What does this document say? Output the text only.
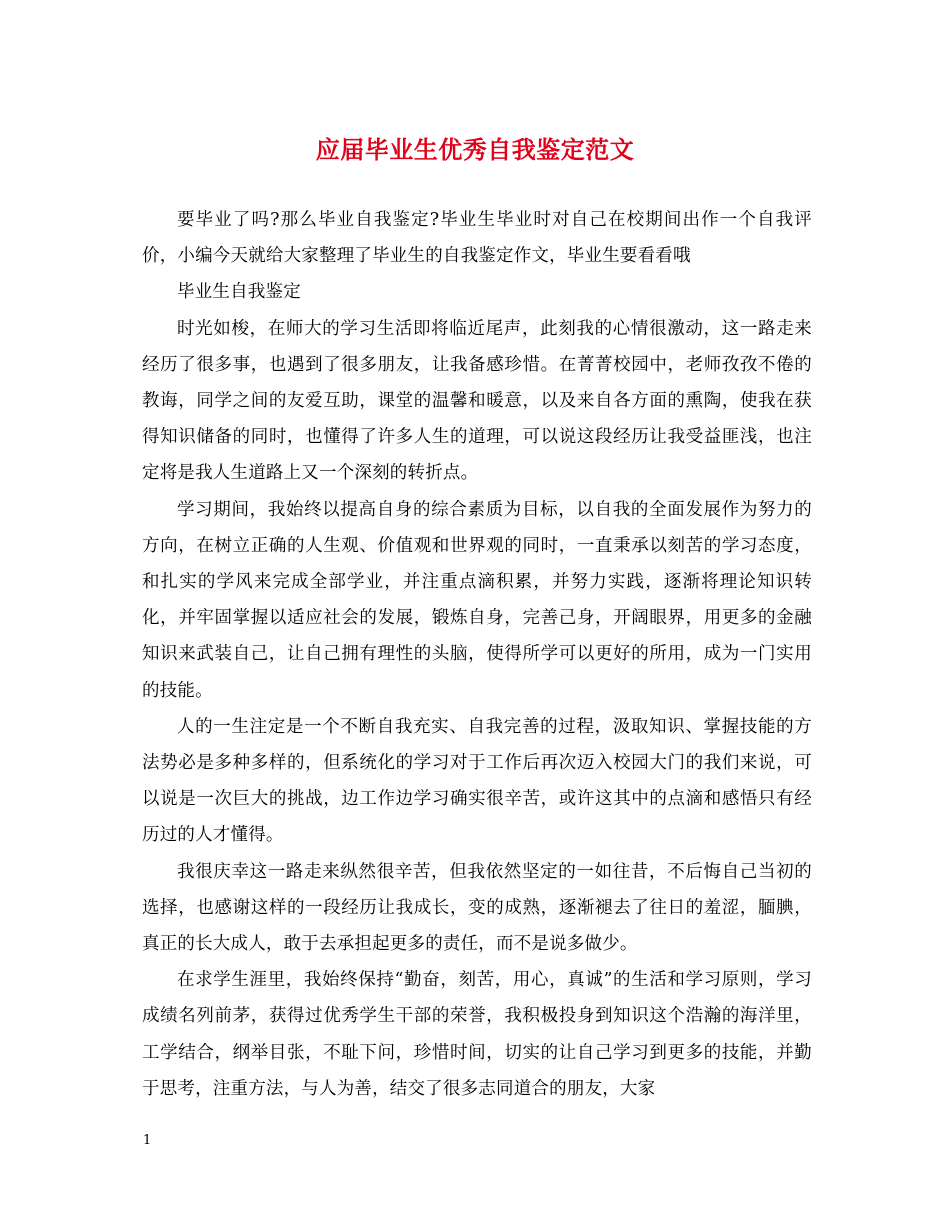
应届毕业生优秀自我鉴定范文

要毕业了吗?那么毕业自我鉴定?毕业生毕业时对自己在校期间出作一个自我评价，小编今天就给大家整理了毕业生的自我鉴定作文，毕业生要看看哦

毕业生自我鉴定

时光如梭，在师大的学习生活即将临近尾声，此刻我的心情很激动，这一路走来经历了很多事，也遇到了很多朋友，让我备感珍惜。在菁菁校园中，老师孜孜不倦的教诲，同学之间的友爱互助，课堂的温馨和暖意，以及来自各方面的熏陶，使我在获得知识储备的同时，也懂得了许多人生的道理，可以说这段经历让我受益匪浅，也注定将是我人生道路上又一个深刻的转折点。

学习期间，我始终以提高自身的综合素质为目标，以自我的全面发展作为努力的方向，在树立正确的人生观、价值观和世界观的同时，一直秉承以刻苦的学习态度，和扎实的学风来完成全部学业，并注重点滴积累，并努力实践，逐渐将理论知识转化，并牢固掌握以适应社会的发展，锻炼自身，完善己身，开阔眼界，用更多的金融知识来武装自己，让自己拥有理性的头脑，使得所学可以更好的所用，成为一门实用的技能。

人的一生注定是一个不断自我充实、自我完善的过程，汲取知识、掌握技能的方法势必是多种多样的，但系统化的学习对于工作后再次迈入校园大门的我们来说，可以说是一次巨大的挑战，边工作边学习确实很辛苦，或许这其中的点滴和感悟只有经历过的人才懂得。

我很庆幸这一路走来纵然很辛苦，但我依然坚定的一如往昔，不后悔自己当初的选择，也感谢这样的一段经历让我成长，变的成熟，逐渐褪去了往日的羞涩，腼腆，真正的长大成人，敢于去承担起更多的责任，而不是说多做少。

在求学生涯里，我始终保持“勤奋，刻苦，用心，真诚”的生活和学习原则，学习成绩名列前茅，获得过优秀学生干部的荣誉，我积极投身到知识这个浩瀚的海洋里，工学结合，纲举目张，不耻下问，珍惜时间，切实的让自己学习到更多的技能，并勤于思考，注重方法，与人为善，结交了很多志同道合的朋友，大家

1
